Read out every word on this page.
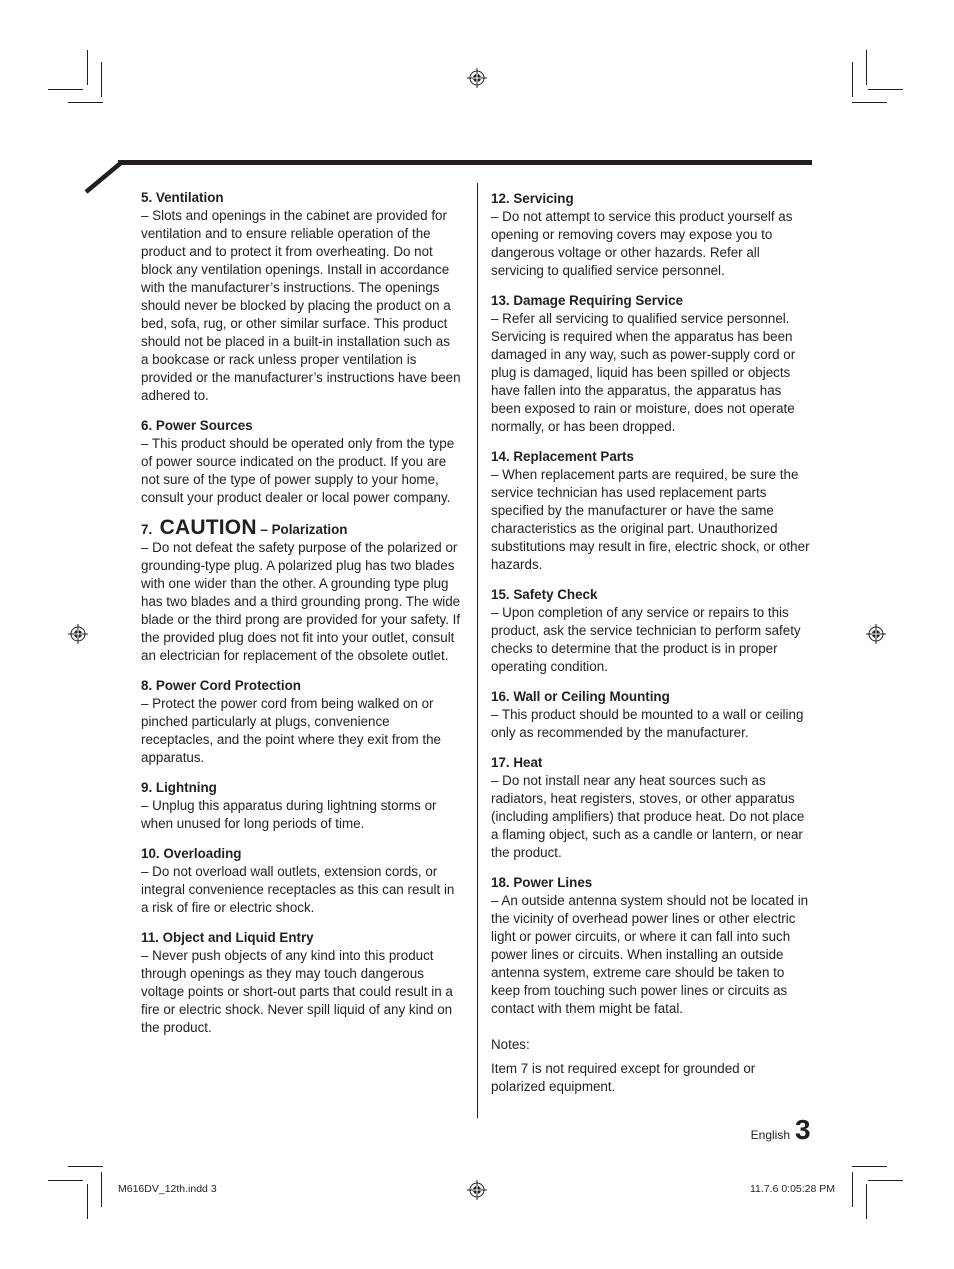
5. Ventilation

– Slots and openings in the cabinet are provided for ventilation and to ensure reliable operation of the product and to protect it from overheating. Do not block any ventilation openings. Install in accordance with the manufacturer’s instructions. The openings should never be blocked by placing the product on a bed, sofa, rug, or other similar surface. This product should not be placed in a built-in installation such as a bookcase or rack unless proper ventilation is provided or the manufacturer’s instructions have been adhered to.

6. Power Sources

– This product should be operated only from the type of power source indicated on the product. If you are not sure of the type of power supply to your home, consult your product dealer or local power company.

7. CAUTION – Polarization

– Do not defeat the safety purpose of the polarized or grounding-type plug. A polarized plug has two blades with one wider than the other. A grounding type plug has two blades and a third grounding prong. The wide blade or the third prong are provided for your safety. If the provided plug does not fit into your outlet, consult an electrician for replacement of the obsolete outlet.

8. Power Cord Protection

– Protect the power cord from being walked on or pinched particularly at plugs, convenience receptacles, and the point where they exit from the apparatus.

9. Lightning

– Unplug this apparatus during lightning storms or when unused for long periods of time.

10. Overloading

– Do not overload wall outlets, extension cords, or integral convenience receptacles as this can result in a risk of fire or electric shock.

11. Object and Liquid Entry

– Never push objects of any kind into this product through openings as they may touch dangerous voltage points or short-out parts that could result in a fire or electric shock. Never spill liquid of any kind on the product.

12. Servicing

– Do not attempt to service this product yourself as opening or removing covers may expose you to dangerous voltage or other hazards. Refer all servicing to qualified service personnel.

13. Damage Requiring Service

– Refer all servicing to qualified service personnel. Servicing is required when the apparatus has been damaged in any way, such as power-supply cord or plug is damaged, liquid has been spilled or objects have fallen into the apparatus, the apparatus has been exposed to rain or moisture, does not operate normally, or has been dropped.

14. Replacement Parts

– When replacement parts are required, be sure the service technician has used replacement parts specified by the manufacturer or have the same characteristics as the original part. Unauthorized substitutions may result in fire, electric shock, or other hazards.

15. Safety Check

– Upon completion of any service or repairs to this product, ask the service technician to perform safety checks to determine that the product is in proper operating condition.

16. Wall or Ceiling Mounting

– This product should be mounted to a wall or ceiling only as recommended by the manufacturer.

17. Heat

– Do not install near any heat sources such as radiators, heat registers, stoves, or other apparatus (including amplifiers) that produce heat. Do not place a flaming object, such as a candle or lantern, or near the product.

18. Power Lines

– An outside antenna system should not be located in the vicinity of overhead power lines or other electric light or power circuits, or where it can fall into such power lines or circuits. When installing an outside antenna system, extreme care should be taken to keep from touching such power lines or circuits as contact with them might be fatal.

Notes:

Item 7 is not required except for grounded or polarized equipment.

English 3
M616DV_12th.indd 3	11.7.6 0:05:28 PM
